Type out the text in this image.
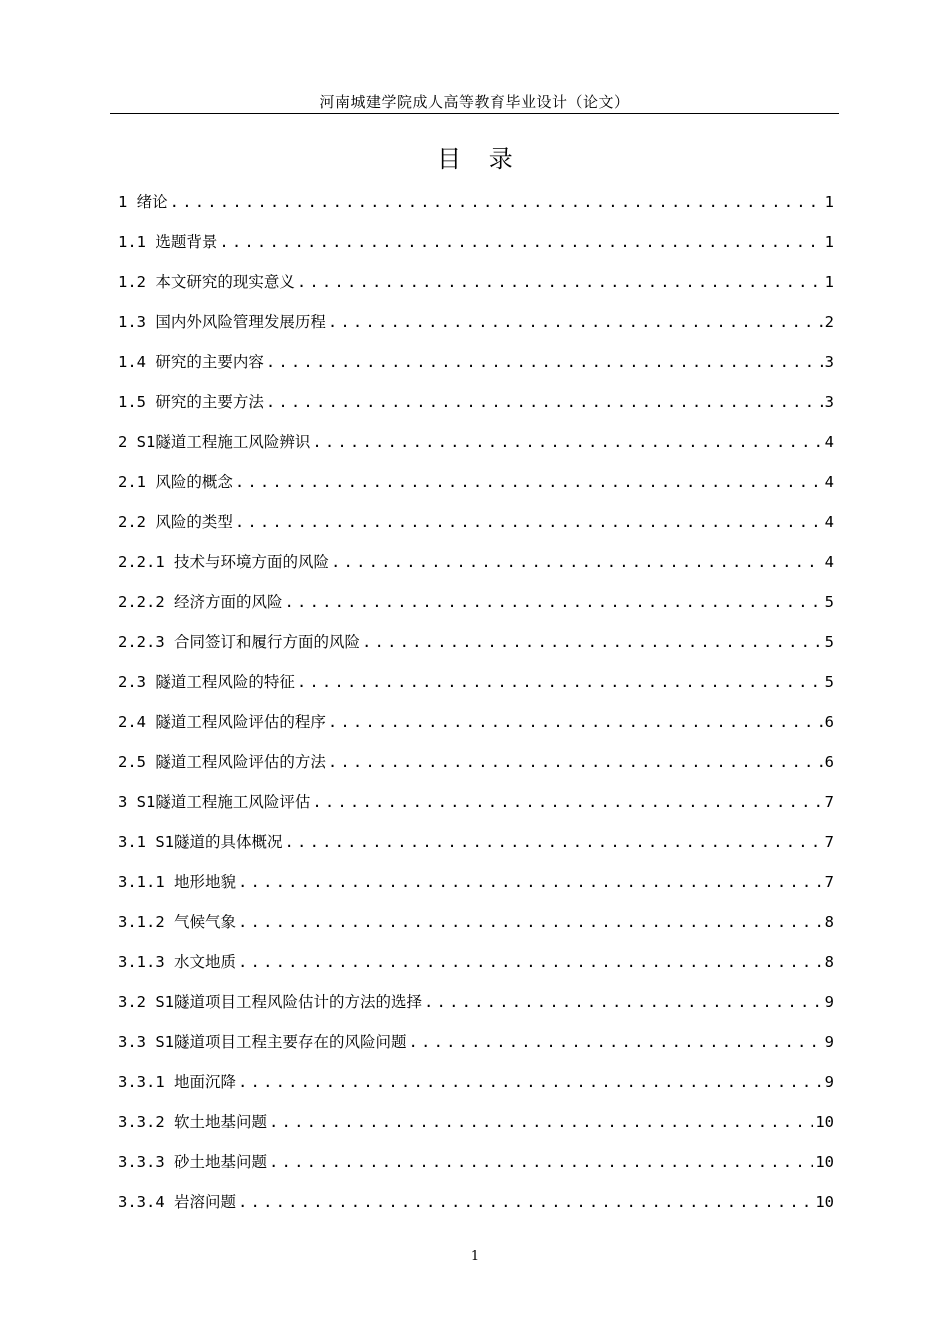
河南城建学院成人高等教育毕业设计（论文）
目 录
1 绪论 .....	1
1.1 选题背景 .....	1
1.2 本文研究的现实意义 .....	1
1.3 国内外风险管理发展历程 .....	2
1.4 研究的主要内容 .....	3
1.5 研究的主要方法 .....	3
2 S1隧道工程施工风险辨识 .....	4
2.1 风险的概念 .....	4
2.2 风险的类型 .....	4
2.2.1 技术与环境方面的风险 .....	4
2.2.2 经济方面的风险 .....	5
2.2.3 合同签订和履行方面的风险 .....	5
2.3 隧道工程风险的特征 .....	5
2.4 隧道工程风险评估的程序 .....	6
2.5 隧道工程风险评估的方法 .....	6
3 S1隧道工程施工风险评估 .....	7
3.1 S1隧道的具体概况 .....	7
3.1.1 地形地貌 .....	7
3.1.2 气候气象 .....	8
3.1.3 水文地质 .....	8
3.2 S1隧道项目工程风险估计的方法的选择 .....	9
3.3 S1隧道项目工程主要存在的风险问题 .....	9
3.3.1 地面沉降 .....	9
3.3.2 软土地基问题 .....	10
3.3.3 砂土地基问题 .....	10
3.3.4 岩溶问题 .....	10
1
